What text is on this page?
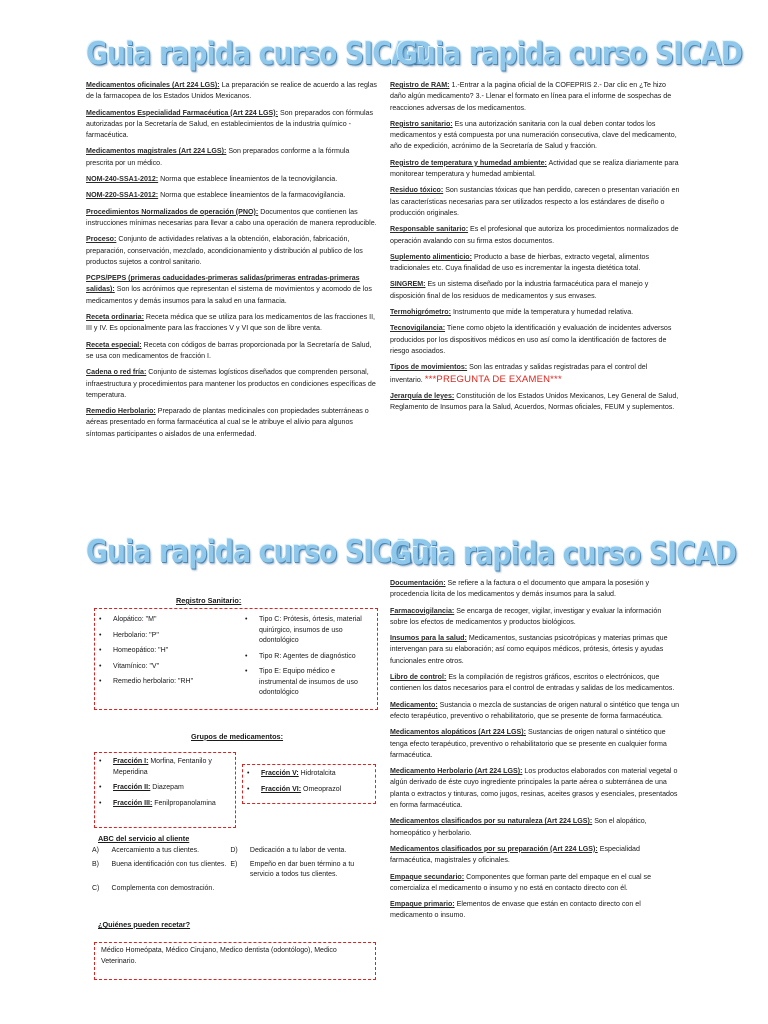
Guia rapida curso SICAD

Medicamentos oficinales (Art 224 LGS): La preparación se realice de acuerdo a las reglas de la farmacopea de los Estados Unidos Mexicanos.

Medicamentos Especialidad Farmacéutica (Art 224 LGS): Son preparados con fórmulas autorizadas por la Secretaría de Salud, en establecimientos de la industria químico - farmacéutica.

Medicamentos magistrales (Art 224 LGS): Son preparados conforme a la fórmula prescrita por un médico.

NOM-240-SSA1-2012: Norma que establece lineamientos de la tecnovigilancia.

NOM-220-SSA1-2012: Norma que establece lineamientos de la farmacovigilancia.

Procedimientos Normalizados de operación (PNO): Documentos que contienen las instrucciones mínimas necesarias para llevar a cabo una operación de manera reproducible.

Proceso: Conjunto de actividades relativas a la obtención, elaboración, fabricación, preparación, conservación, mezclado, acondicionamiento y distribución al publico de los productos sujetos a control sanitario.

PCPS/PEPS (primeras caducidades-primeras salidas/primeras entradas-primeras salidas): Son los acrónimos que representan el sistema de movimientos y acomodo de los medicamentos y demás insumos para la salud en una farmacia.

Receta ordinaria: Receta médica que se utiliza para los medicamentos de las fracciones II, III y IV. Es opcionalmente para las fracciones V y VI que son de libre venta.

Receta especial: Receta con códigos de barras proporcionada por la Secretaría de Salud, se usa con medicamentos de fracción I.

Cadena o red fría: Conjunto de sistemas logísticos diseñados que comprenden personal, infraestructura y procedimientos para mantener los productos en condiciones específicas de temperatura.

Remedio Herbolario: Preparado de plantas medicinales con propiedades subterráneas o aéreas presentado en forma farmacéutica al cual se le atribuye el alivio para algunos síntomas participantes o aislados de una enfermedad.

Guia rapida curso SICAD

Registro de RAM: 1.-Entrar a la pagina oficial de la COFEPRIS 2.- Dar clic en ¿Te hizo daño algún medicamento? 3.- Llenar el formato en línea para el informe de sospechas de reacciones adversas de los medicamentos.

Registro sanitario: Es una autorización sanitaria con la cual deben contar todos los medicamentos y está compuesta por una numeración consecutiva, clave del medicamento, año de expedición, acrónimo de la Secretaría de Salud y fracción.

Registro de temperatura y humedad ambiente: Actividad que se realiza diariamente para monitorear temperatura y humedad ambiental.

Residuo tóxico: Son sustancias tóxicas que han perdido, carecen o presentan variación en las características necesarias para ser utilizados respecto a los estándares de diseño o producción originales.

Responsable sanitario: Es el profesional que autoriza los procedimientos normalizados de operación avalando con su firma estos documentos.

Suplemento alimenticio: Producto a base de hierbas, extracto vegetal, alimentos tradicionales etc. Cuya finalidad de uso es incrementar la ingesta dietética total.

SINGREM: Es un sistema diseñado por la industria farmacéutica para el manejo y disposición final de los residuos de medicamentos y sus envases.

Termohigrómetro: Instrumento que mide la temperatura y humedad relativa.

Tecnovigilancia: Tiene como objeto la identificación y evaluación de incidentes adversos producidos por los dispositivos médicos en uso así como la identificación de factores de riesgo asociados.

Tipos de movimientos: Son las entradas y salidas registradas para el control del inventario. ***PREGUNTA DE EXAMEN***

Jerarquía de leyes: Constitución de los Estados Unidos Mexicanos, Ley General de Salud, Reglamento de Insumos para la Salud, Acuerdos, Normas oficiales, FEUM y suplementos.

Guia rapida curso SICAD
Registro Sanitario:
•	Alopático: "M"
•	Herbolario: "P"
•	Homeopático: "H"
•	Vitamínico: "V"
•	Remedio herbolario: "RH"
•	Tipo C: Prótesis, órtesis, material quirúrgico, insumos de uso odontológico
•	Tipo R: Agentes de diagnóstico
•	Tipo E: Equipo médico e instrumental de insumos de uso odontológico
Grupos de medicamentos:
•	Fracción I: Morfina, Fentanilo y Meperidina
•	Fracción II: Diazepam
•	Fracción III: Fenilpropanolamina
•	Fracción V: Hidrotalcita
•	Fracción VI: Omeoprazol
ABC del servicio al cliente
A)	Acercamiento a tus clientes.	D)	Dedicación a tu labor de venta.
B)	Buena identificación con tus clientes.	E)	Empeño en dar buen término a tu servicio a todos tus clientes.
C)	Complementa con demostración.		
¿Quiénes pueden recetar?
Médico Homeópata, Médico Cirujano, Medico dentista (odontólogo), Medico Veterinario.
Guia rapida curso SICAD

Documentación: Se refiere a la factura o el documento que ampara la posesión y procedencia lícita de los medicamentos y demás insumos para la salud.

Farmacovigilancia: Se encarga de recoger, vigilar, investigar y evaluar la información sobre los efectos de medicamentos y productos biológicos.

Insumos para la salud: Medicamentos, sustancias psicotrópicas y materias primas que intervengan para su elaboración; así como equipos médicos, prótesis, órtesis y ayudas funcionales entre otros.

Libro de control: Es la compilación de registros gráficos, escritos o electrónicos, que contienen los datos necesarios para el control de entradas y salidas de los medicamentos.

Medicamento: Sustancia o mezcla de sustancias de origen natural o sintético que tenga un efecto terapéutico, preventivo o rehabilitatorio, que se presente de forma farmacéutica.

Medicamentos alopáticos (Art 224 LGS): Sustancias de origen natural o sintético que tenga efecto terapéutico, preventivo o rehabilitatorio que se presente en cualquier forma farmacéutica.

Medicamento Herbolario (Art 224 LGS): Los productos elaborados con material vegetal o algún derivado de éste cuyo ingrediente principales la parte aérea o subterránea de una planta o extractos y tinturas, como jugos, resinas, aceites grasos y esenciales, presentados en forma farmacéutica.

Medicamentos clasificados por su naturaleza (Art 224 LGS): Son el alopático, homeopático y herbolario.

Medicamentos clasificados por su preparación (Art 224 LGS): Especialidad farmacéutica, magistrales y oficinales.

Empaque secundario: Componentes que forman parte del empaque en el cual se comercializa el medicamento o insumo y no está en contacto directo con él.

Empaque primario: Elementos de envase que están en contacto directo con el medicamento o insumo.
